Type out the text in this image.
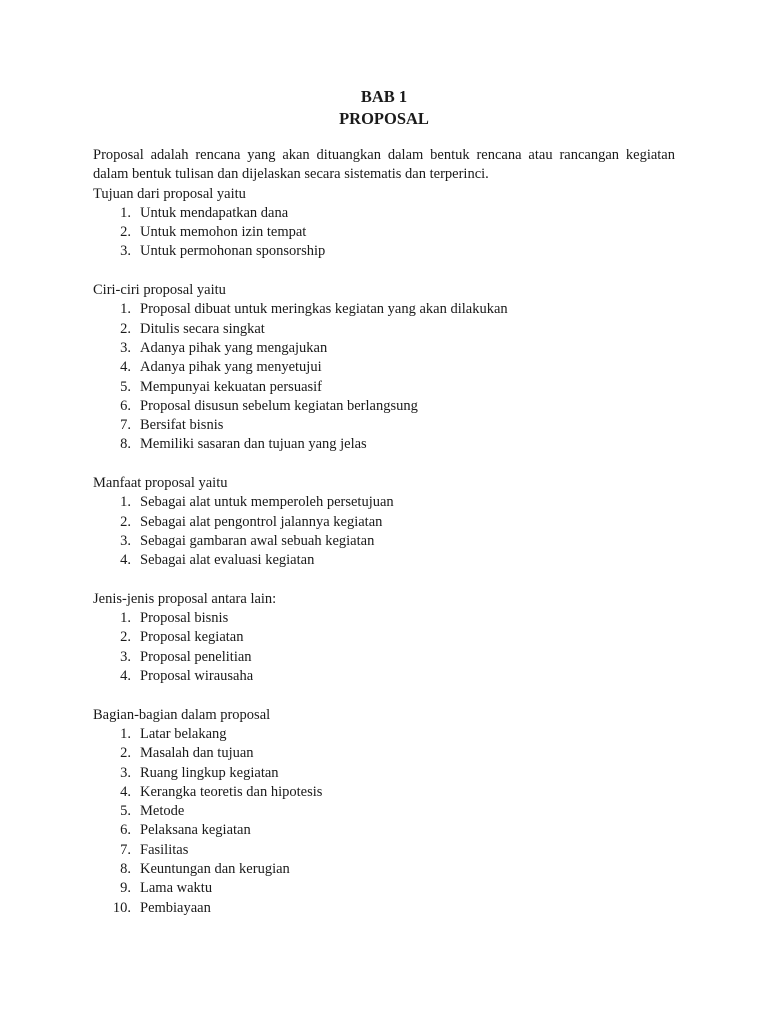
BAB 1

PROPOSAL

Proposal adalah rencana yang akan dituangkan dalam bentuk rencana atau rancangan kegiatan dalam bentuk tulisan dan dijelaskan secara sistematis dan terperinci.

Tujuan dari proposal yaitu

1. Untuk mendapatkan dana
2. Untuk memohon izin tempat
3. Untuk permohonan sponsorship

Ciri-ciri proposal yaitu

1. Proposal dibuat untuk meringkas kegiatan yang akan dilakukan
2. Ditulis secara singkat
3. Adanya pihak yang mengajukan
4. Adanya pihak yang menyetujui
5. Mempunyai kekuatan persuasif
6. Proposal disusun sebelum kegiatan berlangsung
7. Bersifat bisnis
8. Memiliki sasaran dan tujuan yang jelas

Manfaat proposal yaitu

1. Sebagai alat untuk memperoleh persetujuan
2. Sebagai alat pengontrol jalannya kegiatan
3. Sebagai gambaran awal sebuah kegiatan
4. Sebagai alat evaluasi kegiatan

Jenis-jenis proposal antara lain:

1. Proposal bisnis
2. Proposal kegiatan
3. Proposal penelitian
4. Proposal wirausaha

Bagian-bagian dalam proposal

1. Latar belakang
2. Masalah dan tujuan
3. Ruang lingkup kegiatan
4. Kerangka teoretis dan hipotesis
5. Metode
6. Pelaksana kegiatan
7. Fasilitas
8. Keuntungan dan kerugian
9. Lama waktu
10. Pembiayaan
